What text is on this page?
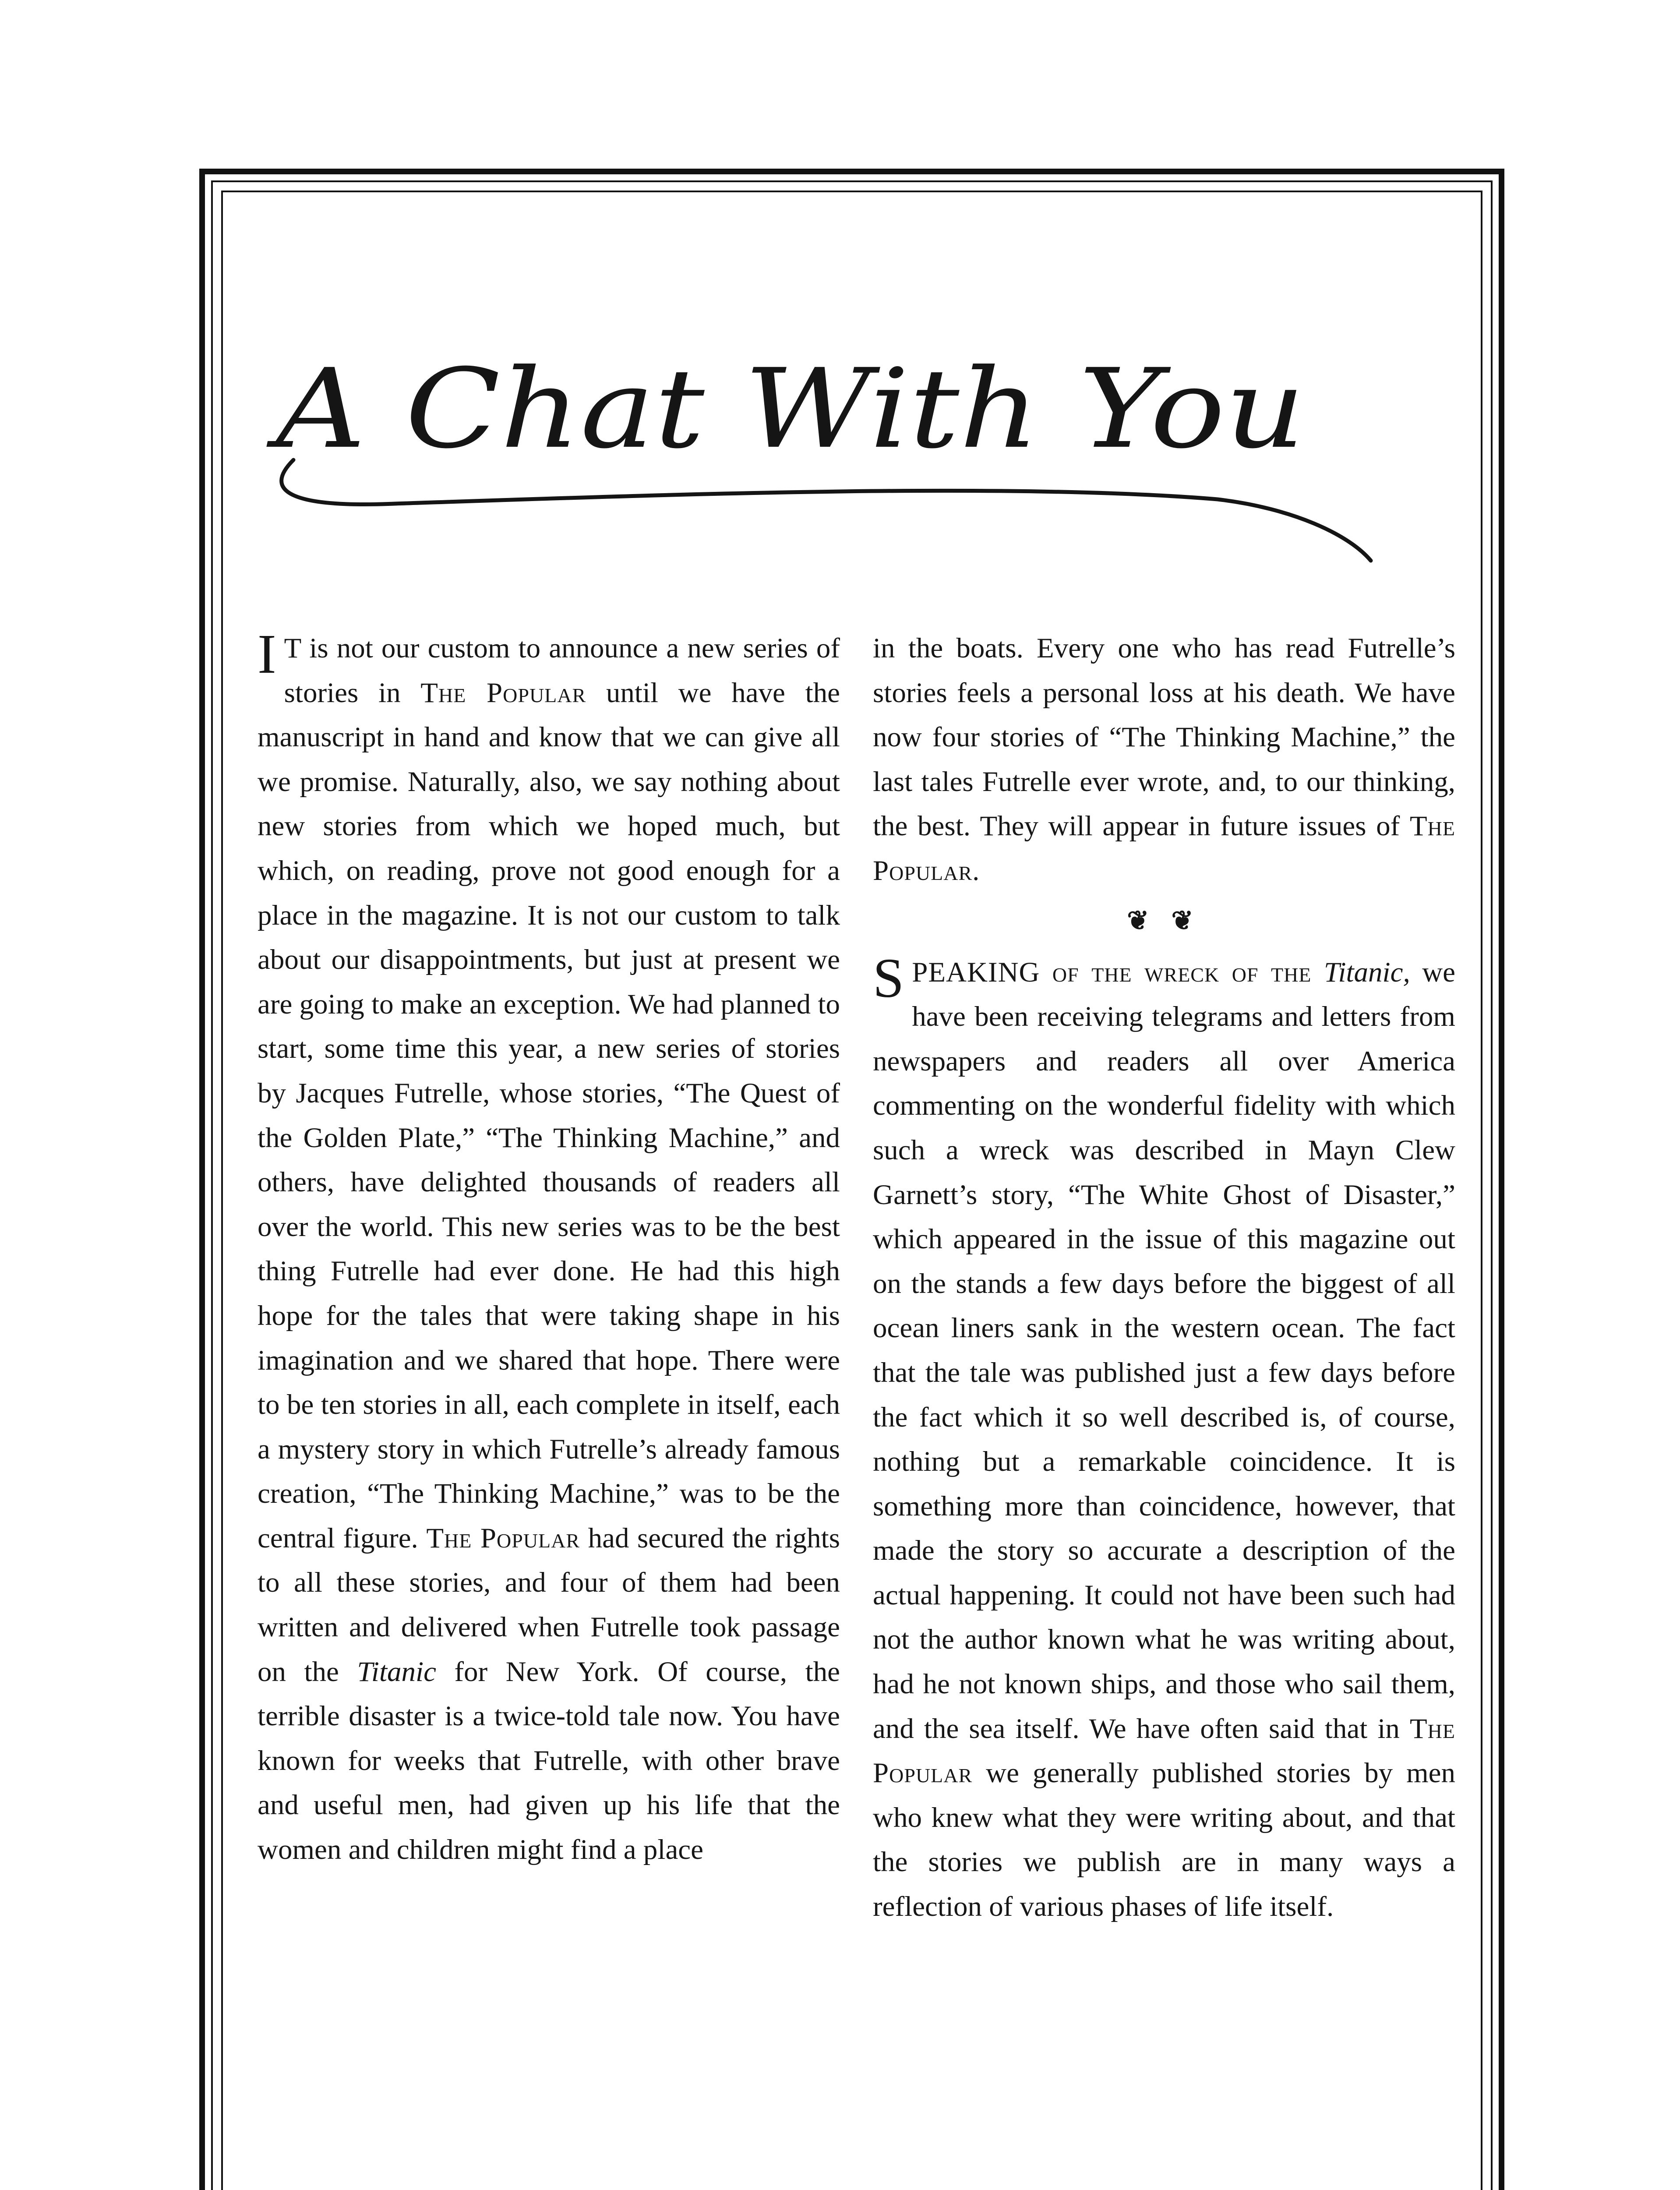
A Chat With You

I T is not our custom to announce a new series of stories in The Popular until we have the manuscript in hand and know that we can give all we promise. Naturally, also, we say nothing about new stories from which we hoped much, but which, on reading, prove not good enough for a place in the magazine. It is not our custom to talk about our disappointments, but just at present we are going to make an exception. We had planned to start, some time this year, a new series of stories by Jacques Futrelle, whose stories, “The Quest of the Golden Plate,” “The Thinking Machine,” and others, have delighted thousands of readers all over the world. This new series was to be the best thing Futrelle had ever done. He had this high hope for the tales that were taking shape in his imagination and we shared that hope. There were to be ten stories in all, each complete in itself, each a mystery story in which Futrelle’s already famous creation, “The Thinking Machine,” was to be the central figure. The Popular had secured the rights to all these stories, and four of them had been written and delivered when Futrelle took passage on the Titanic for New York. Of course, the terrible disaster is a twice-told tale now. You have known for weeks that Futrelle, with other brave and useful men, had given up his life that the women and children might find a place

in the boats. Every one who has read Futrelle’s stories feels a personal loss at his death. We have now four stories of “The Thinking Machine,” the last tales Futrelle ever wrote, and, to our thinking, the best. They will appear in future issues of The Popular.

❦ ❦

SPEAKING of the wreck of the Titanic, we have been receiving telegrams and letters from newspapers and readers all over America commenting on the wonderful fidelity with which such a wreck was described in Mayn Clew Garnett’s story, “The White Ghost of Disaster,” which appeared in the issue of this magazine out on the stands a few days before the biggest of all ocean liners sank in the western ocean. The fact that the tale was published just a few days before the fact which it so well described is, of course, nothing but a remarkable coincidence. It is something more than coincidence, however, that made the story so accurate a description of the actual happening. It could not have been such had not the author known what he was writing about, had he not known ships, and those who sail them, and the sea itself. We have often said that in The Popular we generally published stories by men who knew what they were writing about, and that the stories we publish are in many ways a reflection of various phases of life itself.
